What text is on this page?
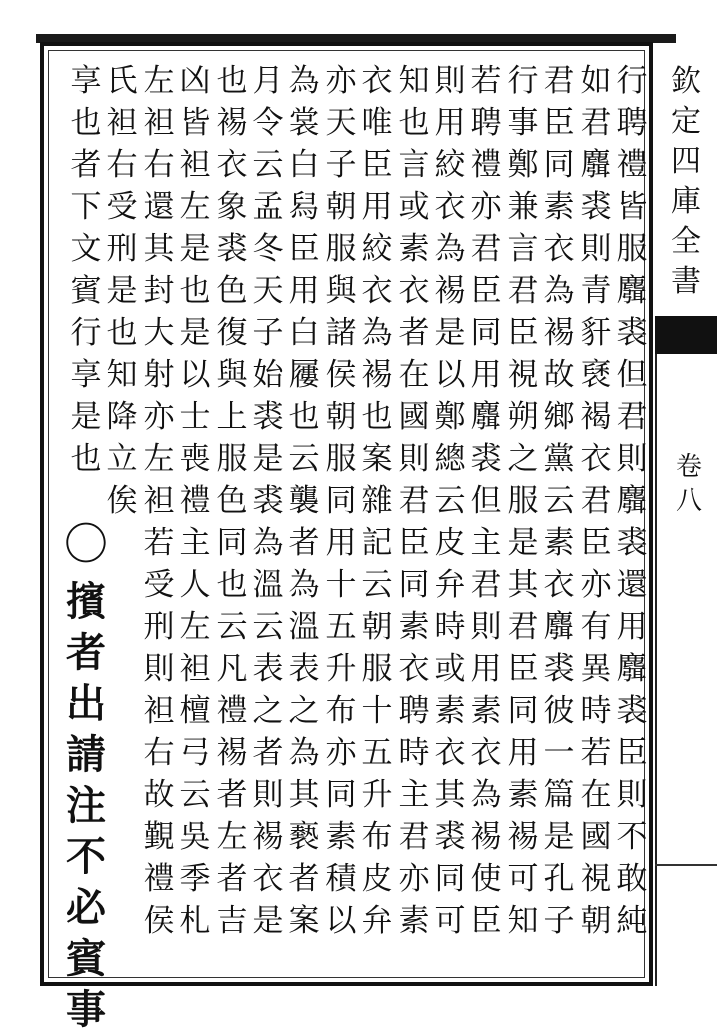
行
聘
禮
皆
服
麛
裘
但
君
則
麛
裘
還
用
麛
裘
臣
則
不
敢
純
如
君
麛
裘
則
青
豻
褎
褐
衣
君
臣
亦
有
異
時
若
在
國
視
朝
君
臣
同
素
衣
為
裼
故
鄉
黨
云
素
衣
麛
裘
彼
一
篇
是
孔
子
行
事
鄭
兼
言
君
臣
視
朔
之
服
是
其
君
臣
同
用
素
裼
可
知
若
聘
禮
亦
君
臣
同
用
麛
裘
但
主
君
則
用
素
衣
為
裼
使
臣
則
用
絞
衣
為
裼
是
以
鄭
總
云
皮
弁
時
或
素
衣
其
裘
同
可
知
也
言
或
素
衣
者
在
國
則
君
臣
同
素
衣
聘
時
主
君
亦
素
衣
唯
臣
用
絞
衣
為
裼
也
案
雜
記
云
朝
服
十
五
升
布
皮
弁
亦
天
子
朝
服
與
諸
侯
朝
服
同
用
十
五
升
布
亦
同
素
積
以
為
裳
白
舄
臣
用
白
屨
也
云
襲
者
為
溫
表
之
為
其
褻
者
案
月
令
云
孟
冬
天
子
始
裘
是
裘
為
溫
云
表
之
者
則
裼
衣
是
也
裼
衣
象
裘
色
復
與
上
服
色
同
也
云
凡
禮
裼
者
左
者
吉
凶
皆
袒
左
是
也
是
以
士
喪
禮
主
人
左
袒
檀
弓
云
吳
季
札
左
袒
右
還
其
封
大
射
亦
左
袒
若
受
刑
則
袒
右
故
覲
禮
侯
氏
袒
右
受
刑
是
也
知
降
立
俟
享
也
者
下
文
賓
行
享
是
也
〇
擯
者
出
請
注
不
必
賓
事
欽
定
四
庫
全
書
卷
八
